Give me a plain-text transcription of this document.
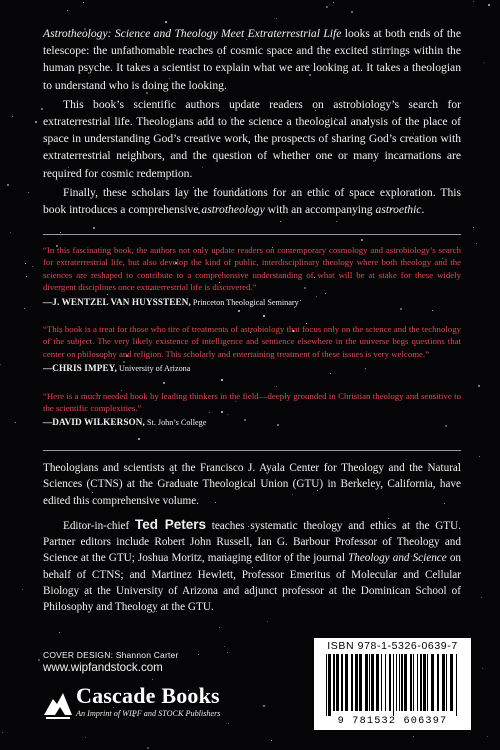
Astrotheology: Science and Theology Meet Extraterrestrial Life looks at both ends of the telescope: the unfathomable reaches of cosmic space and the excited stirrings within the human psyche. It takes a scientist to explain what we are looking at. It takes a theologian to understand who is doing the looking.

This book’s scientific authors update readers on astrobiology’s search for extraterrestrial life. Theologians add to the science a theological analysis of the place of space in understanding God’s creative work, the prospects of sharing God’s creation with extraterrestrial neighbors, and the question of whether one or many incarnations are required for cosmic redemption.

Finally, these scholars lay the foundations for an ethic of space exploration. This book introduces a comprehensive astrotheology with an accompanying astroethic.

“In this fascinating book, the authors not only update readers on contemporary cosmology and astrobiology’s search for extraterrestrial life, but also develop the kind of public, interdisciplinary theology where both theology and the sciences are reshaped to contribute to a comprehensive understanding of what will be at stake for these widely divergent disciplines once extraterrestrial life is discovered.”
—J. WENTZEL VAN HUYSSTEEN, Princeton Theological Seminary
“This book is a treat for those who tire of treatments of astrobiology that focus only on the science and the technology of the subject. The very likely existence of intelligence and sentience elsewhere in the universe begs questions that center on philosophy and religion. This scholarly and entertaining treatment of these issues is very welcome.”
—CHRIS IMPEY, University of Arizona
“Here is a much needed book by leading thinkers in the field—deeply grounded in Christian theology and sensitive to the scientific complexities.”
—DAVID WILKERSON, St. John’s College

Theologians and scientists at the Francisco J. Ayala Center for Theology and the Natural Sciences (CTNS) at the Graduate Theological Union (GTU) in Berkeley, California, have edited this comprehensive volume.

Editor-in-chief Ted Peters teaches systematic theology and ethics at the GTU. Partner editors include Robert John Russell, Ian G. Barbour Professor of Theology and Science at the GTU; Joshua Moritz, managing editor of the journal Theology and Science on behalf of CTNS; and Martinez Hewlett, Professor Emeritus of Molecular and Cellular Biology at the University of Arizona and adjunct professor at the Dominican School of Philosophy and Theology at the GTU.

COVER DESIGN: Shannon Carter
www.wipfandstock.com
Cascade Books
An Imprint of WIPF and STOCK Publishers
ISBN 978-1-5326-0639-7
9 781532 606397
